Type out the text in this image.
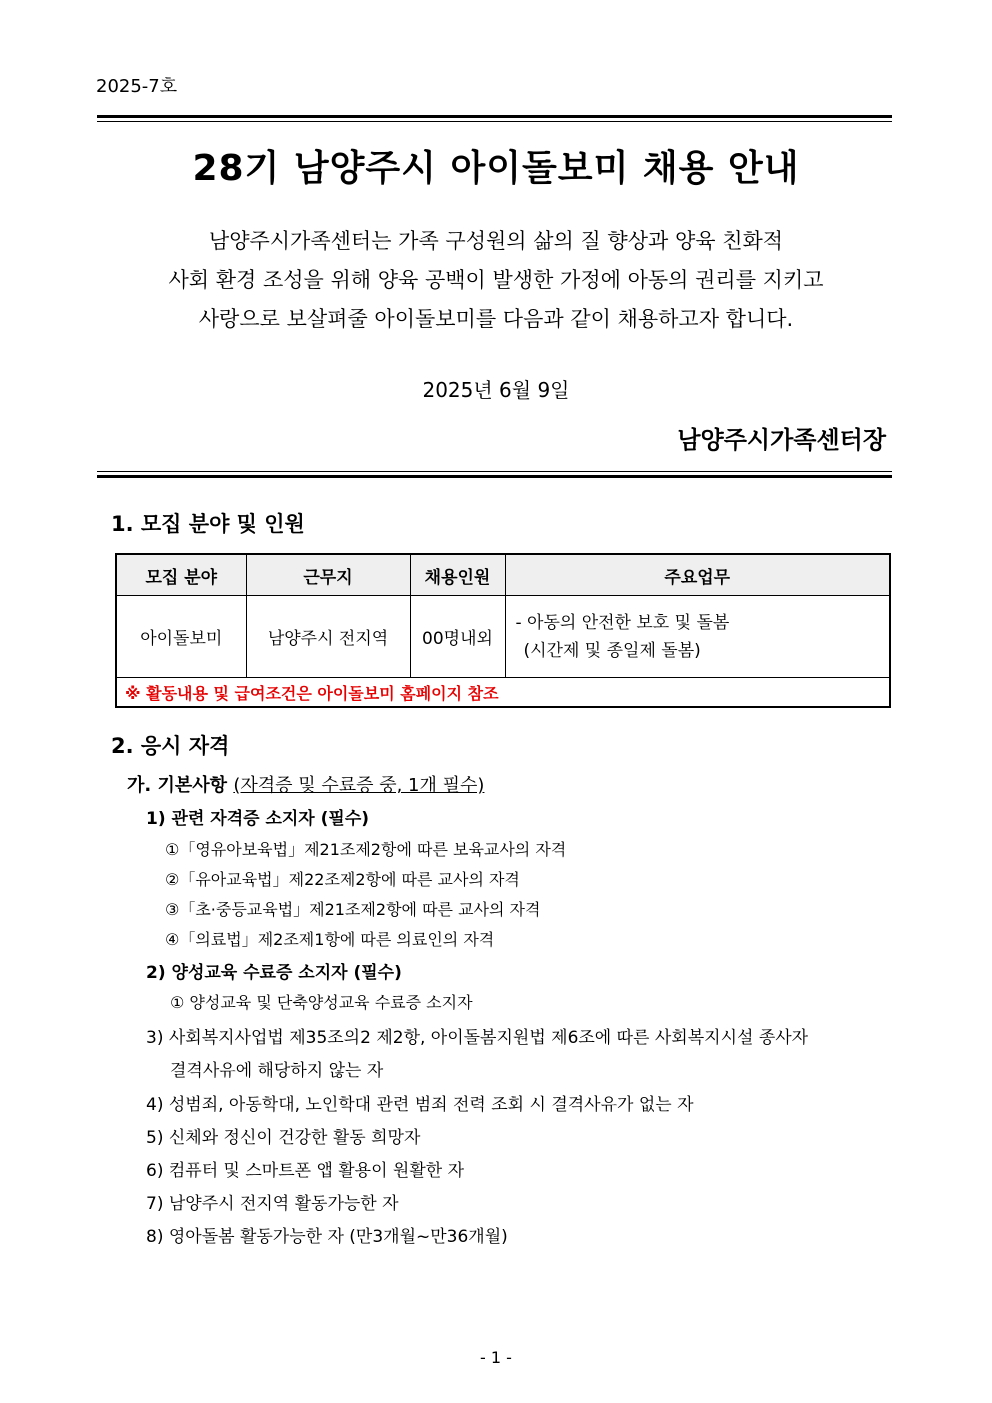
2025-7호
28기 남양주시 아이돌보미 채용 안내
남양주시가족센터는 가족 구성원의 삶의 질 향상과 양육 친화적
사회 환경 조성을 위해 양육 공백이 발생한 가정에 아동의 권리를 지키고
사랑으로 보살펴줄 아이돌보미를 다음과 같이 채용하고자 합니다.
2025년 6월 9일
남양주시가족센터장
1. 모집 분야 및 인원
모집 분야	근무지	채용인원	주요업무
아이돌보미	남양주시 전지역	00명내외	- 아동의 안전한 보호 및 돌봄
(시간제 및 종일제 돌봄)

※ 활동내용 및 급여조건은 아이돌보미 홈페이지 참조			
2. 응시 자격
가. 기본사항 (자격증 및 수료증 중, 1개 필수)
1) 관련 자격증 소지자 (필수)
①「영유아보육법」제21조제2항에 따른 보육교사의 자격
②「유아교육법」제22조제2항에 따른 교사의 자격
③「초·중등교육법」제21조제2항에 따른 교사의 자격
④「의료법」제2조제1항에 따른 의료인의 자격
2) 양성교육 수료증 소지자 (필수)
① 양성교육 및 단축양성교육 수료증 소지자
3) 사회복지사업법 제35조의2 제2항, 아이돌봄지원법 제6조에 따른 사회복지시설 종사자
결격사유에 해당하지 않는 자
4) 성범죄, 아동학대, 노인학대 관련 범죄 전력 조회 시 결격사유가 없는 자
5) 신체와 정신이 건강한 활동 희망자
6) 컴퓨터 및 스마트폰 앱 활용이 원활한 자
7) 남양주시 전지역 활동가능한 자
8) 영아돌봄 활동가능한 자 (만3개월~만36개월)
- 1 -
